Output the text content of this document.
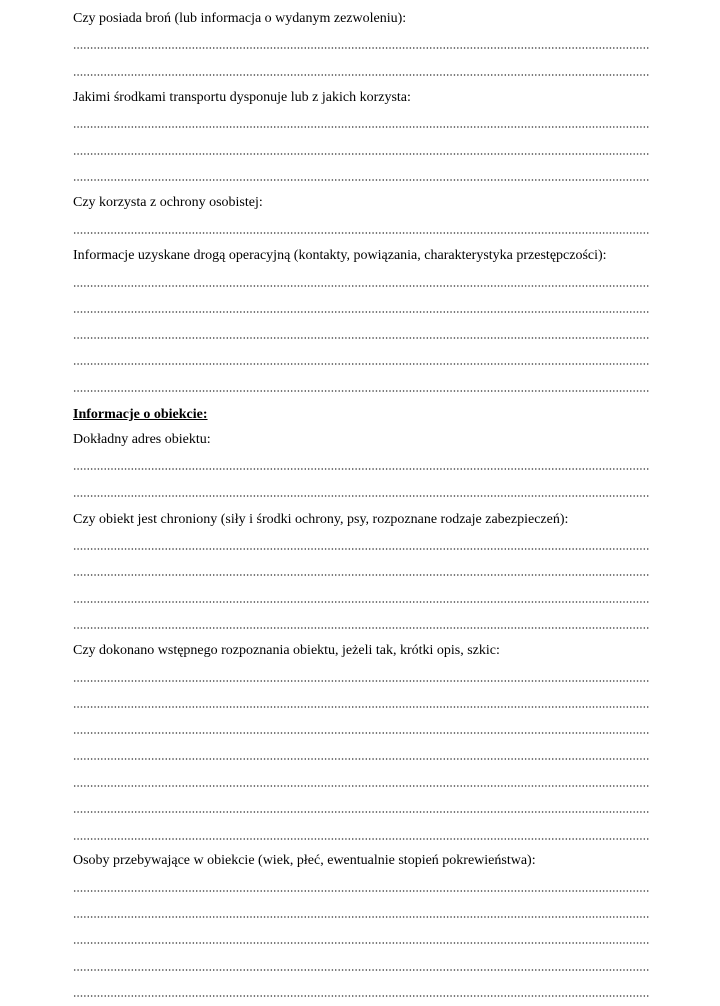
Czy posiada broń (lub informacja o wydanym zezwoleniu):
Jakimi środkami transportu dysponuje lub z jakich korzysta:
Czy korzysta z ochrony osobistej:
Informacje uzyskane drogą operacyjną (kontakty, powiązania, charakterystyka przestępczości):
Informacje o obiekcie:
Dokładny adres obiektu:
Czy obiekt jest chroniony (siły i środki ochrony, psy, rozpoznane rodzaje zabezpieczeń):
Czy dokonano wstępnego rozpoznania obiektu, jeżeli tak, krótki opis, szkic:
Osoby przebywające w obiekcie (wiek, płeć, ewentualnie stopień pokrewieństwa):
